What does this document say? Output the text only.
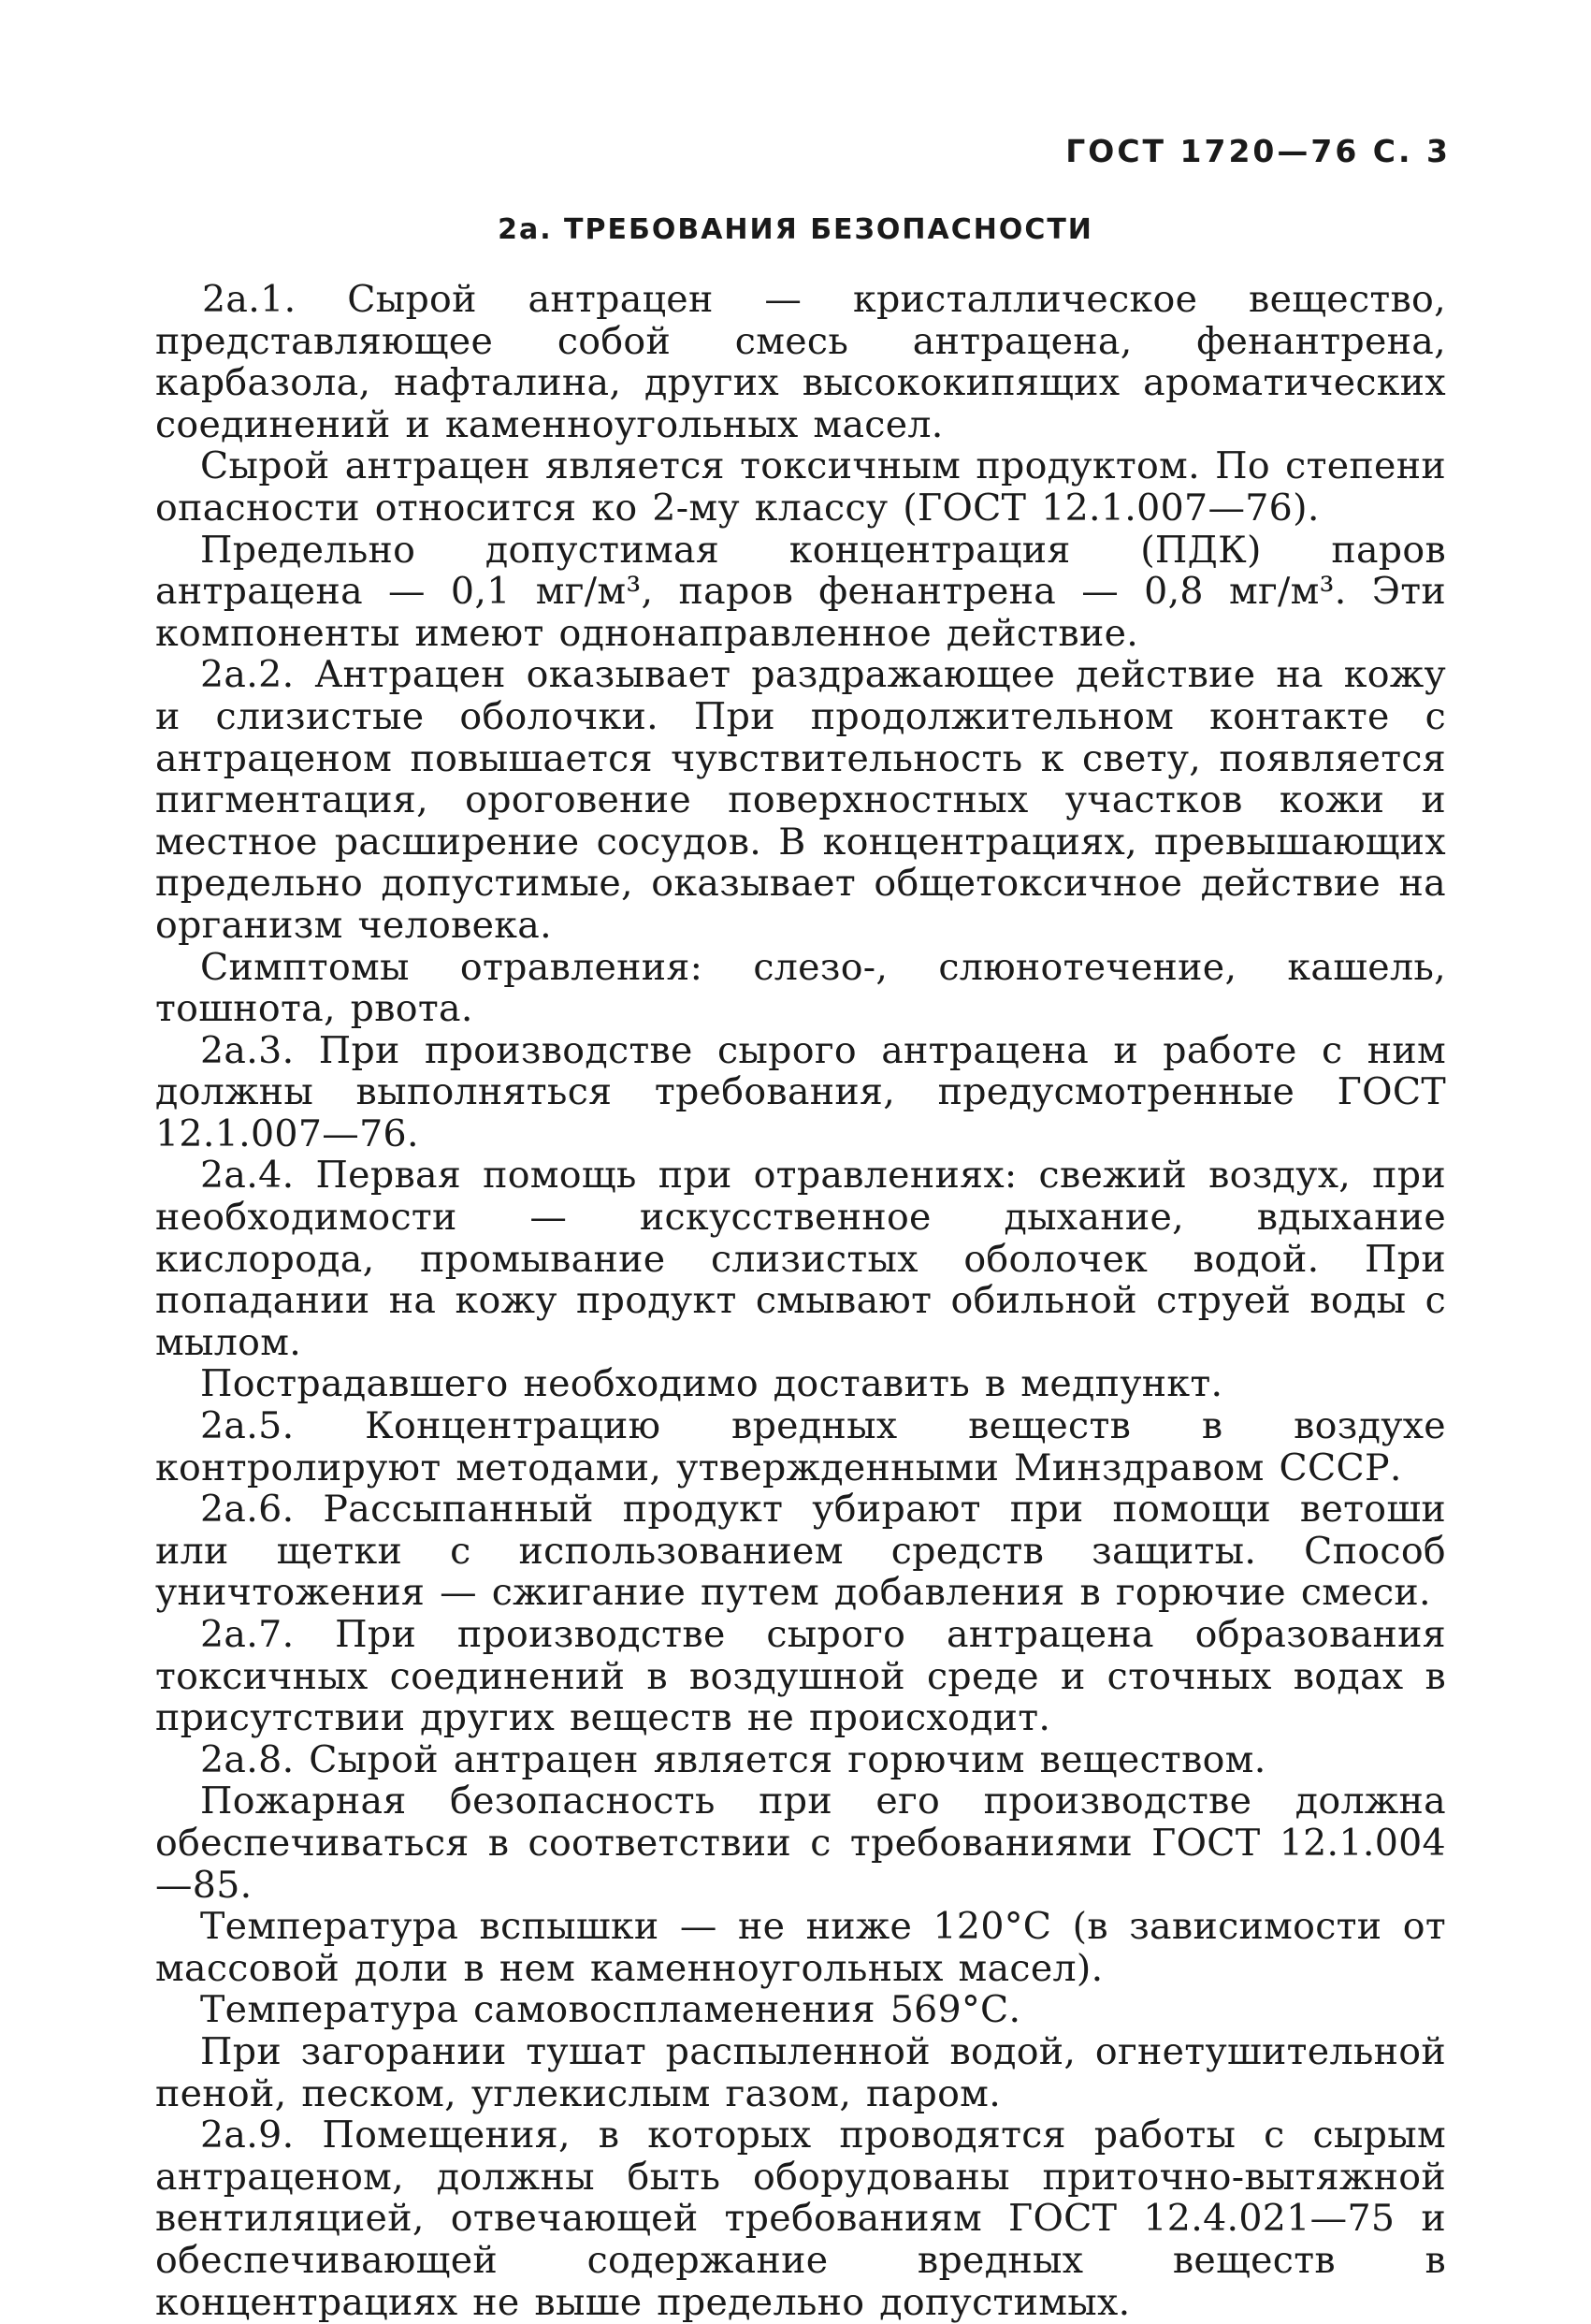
ГОСТ 1720—76 С. 3
2а. ТРЕБОВАНИЯ БЕЗОПАСНОСТИ

2а.1. Сырой антрацен — кристаллическое вещество, представляющее собой смесь антрацена, фенантрена, карбазола, нафталина, других высококипящих ароматических соединений и каменноугольных масел.

Сырой антрацен является токсичным продуктом. По степени опасности относится ко 2-му классу (ГОСТ 12.1.007—76).

Предельно допустимая концентрация (ПДК) паров антрацена — 0,1 мг/м³, паров фенантрена — 0,8 мг/м³. Эти компоненты имеют однонаправленное действие.

2а.2. Антрацен оказывает раздражающее действие на кожу и слизистые оболочки. При продолжительном контакте с антраценом повышается чувствительность к свету, появляется пигментация, ороговение поверхностных участков кожи и местное расширение сосудов. В концентрациях, превышающих предельно допустимые, оказывает общетоксичное действие на организм человека.

Симптомы отравления: слезо-, слюнотечение, кашель, тошнота, рвота.

2а.3. При производстве сырого антрацена и работе с ним должны выполняться требования, предусмотренные ГОСТ 12.1.007—76.

2а.4. Первая помощь при отравлениях: свежий воздух, при необходимости — искусственное дыхание, вдыхание кислорода, промывание слизистых оболочек водой. При попадании на кожу продукт смывают обильной струей воды с мылом.

Пострадавшего необходимо доставить в медпункт.

2а.5. Концентрацию вредных веществ в воздухе контролируют методами, утвержденными Минздравом СССР.

2а.6. Рассыпанный продукт убирают при помощи ветоши или щетки с использованием средств защиты. Способ уничтожения — сжигание путем добавления в горючие смеси.

2а.7. При производстве сырого антрацена образования токсичных соединений в воздушной среде и сточных водах в присутствии других веществ не происходит.

2а.8. Сырой антрацен является горючим веществом.

Пожарная безопасность при его производстве должна обеспечиваться в соответствии с требованиями ГОСТ 12.1.004—85.

Температура вспышки — не ниже 120°С (в зависимости от массовой доли в нем каменноугольных масел).

Температура самовоспламенения 569°С.

При загорании тушат распыленной водой, огнетушительной пеной, песком, углекислым газом, паром.

2а.9. Помещения, в которых проводятся работы с сырым антраценом, должны быть оборудованы приточно-вытяжной вентиляцией, отвечающей требованиям ГОСТ 12.4.021—75 и обеспечивающей содержание вредных веществ в концентрациях не выше предельно допустимых.
